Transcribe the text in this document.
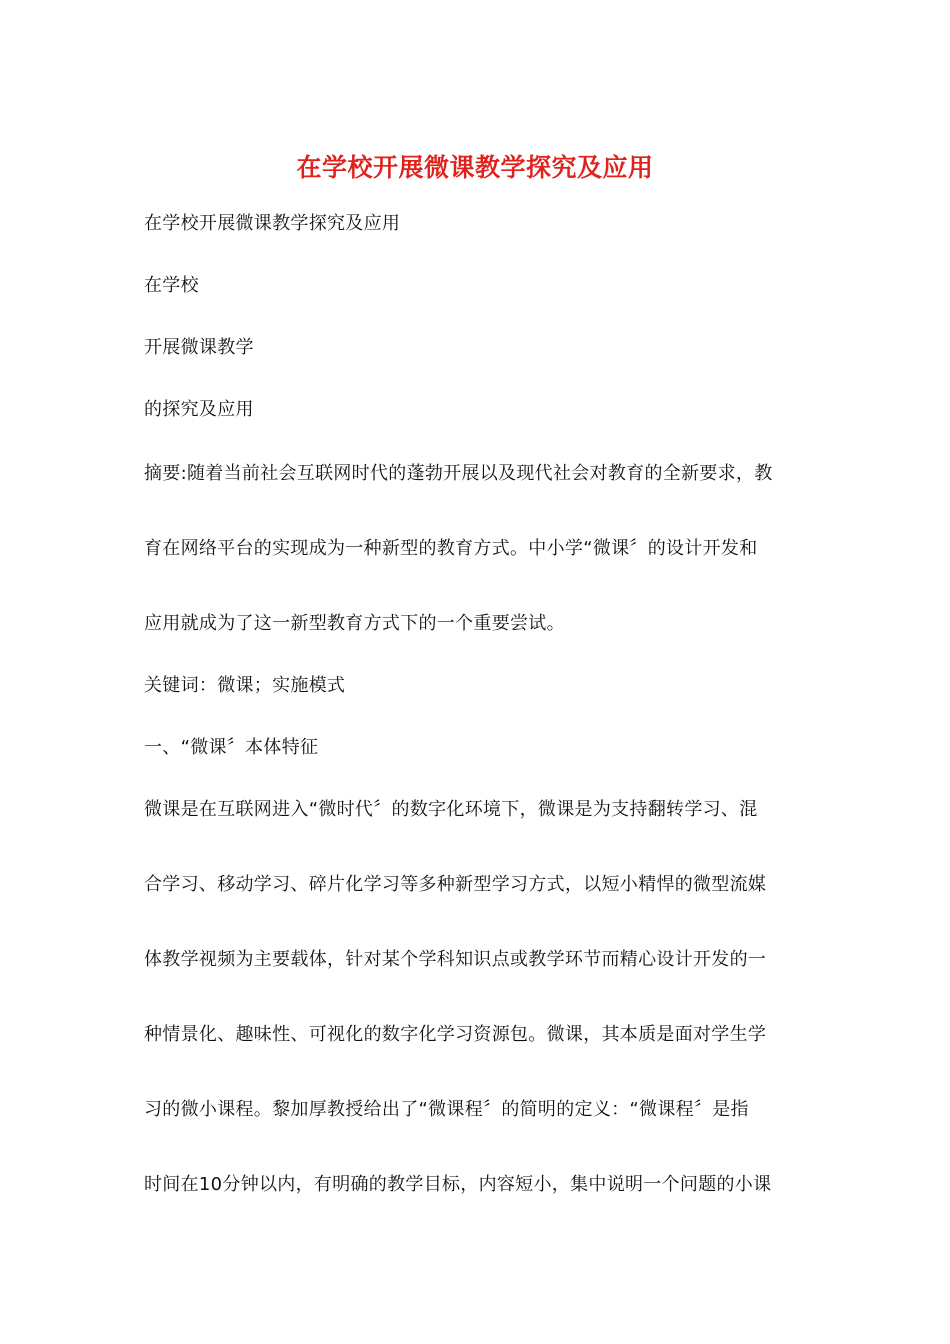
在学校开展微课教学探究及应用
在学校开展微课教学探究及应用
在学校
开展微课教学
的探究及应用
摘要:随着当前社会互联网时代的蓬勃开展以及现代社会对教育的全新要求，教
育在网络平台的实现成为一种新型的教育方式。中小学“微课〞的设计开发和
应用就成为了这一新型教育方式下的一个重要尝试。
关键词：微课；实施模式
一、“微课〞本体特征
微课是在互联网进入“微时代〞的数字化环境下，微课是为支持翻转学习、混
合学习、移动学习、碎片化学习等多种新型学习方式，以短小精悍的微型流媒
体教学视频为主要载体，针对某个学科知识点或教学环节而精心设计开发的一
种情景化、趣味性、可视化的数字化学习资源包。微课，其本质是面对学生学
习的微小课程。黎加厚教授给出了“微课程〞的简明的定义：“微课程〞是指
时间在10分钟以内，有明确的教学目标，内容短小，集中说明一个问题的小课
